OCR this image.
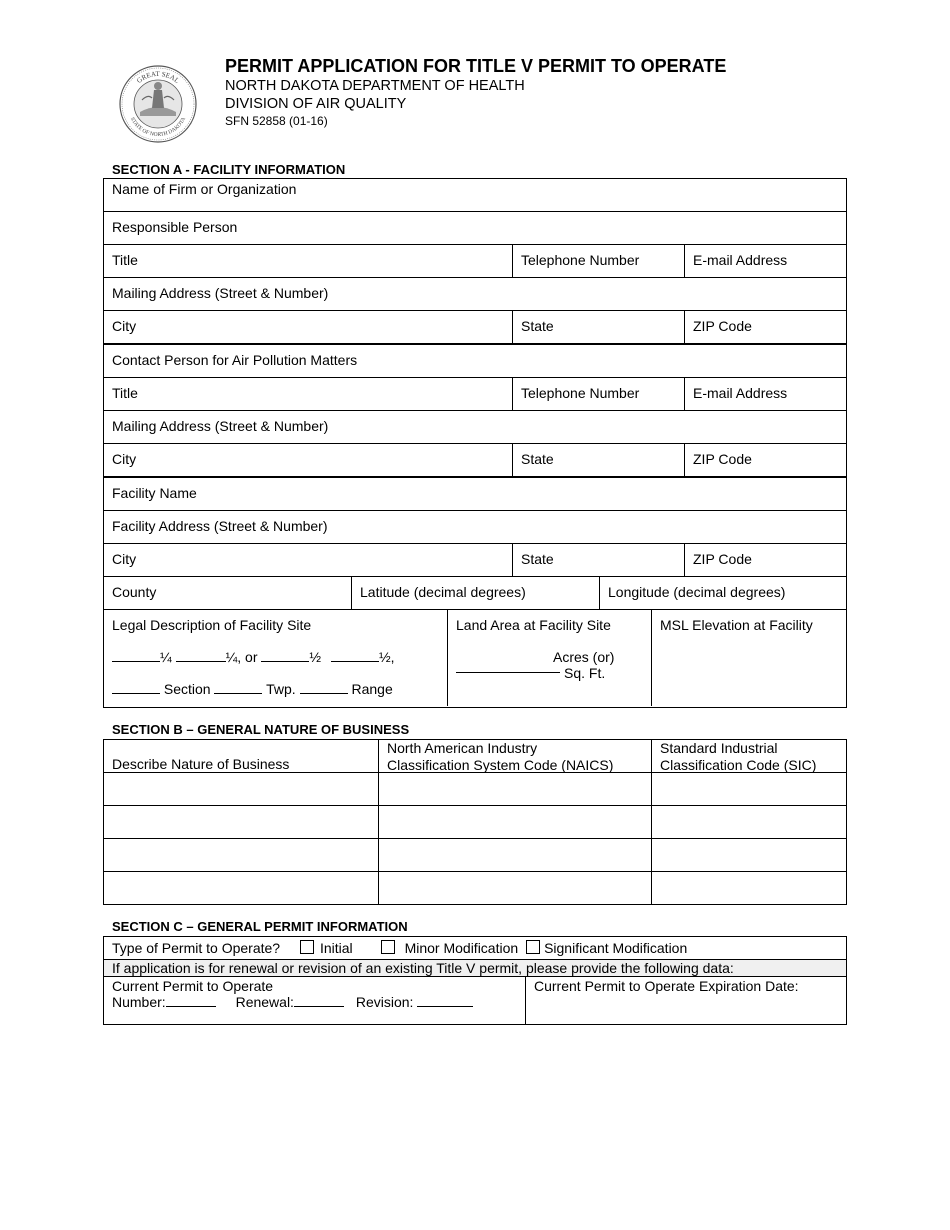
GREAT SEAL
STATE OF NORTH DAKOTA
PERMIT APPLICATION FOR TITLE V PERMIT TO OPERATE
NORTH DAKOTA DEPARTMENT OF HEALTH
DIVISION OF AIR QUALITY
SFN 52858 (01-16)
SECTION A - FACILITY INFORMATION
Name of Firm or Organization
Responsible Person
Title	Telephone Number	E-mail Address
Mailing Address (Street & Number)
City	State	ZIP Code
Contact Person for Air Pollution Matters
Title	Telephone Number	E-mail Address
Mailing Address (Street & Number)
City	State	ZIP Code
Facility Name
Facility Address (Street & Number)
City	State	ZIP Code
County	Latitude (decimal degrees)	Longitude (decimal degrees)
Legal Description of Facility Site
¼	¼, or	½	½,
Section	Twp.	Range
Land Area at Facility Site
Acres (or)
Sq. Ft.
MSL Elevation at Facility
SECTION B – GENERAL NATURE OF BUSINESS
Describe Nature of Business
North American Industry
Classification System Code (NAICS)
Standard Industrial
Classification Code (SIC)
SECTION C – GENERAL PERMIT INFORMATION
Type of Permit to Operate?	Initial	Minor Modification Significant Modification
If application is for renewal or revision of an existing Title V permit, please provide the following data:
Current Permit to Operate
Number:	Renewal:	Revision:
Current Permit to Operate Expiration Date:
